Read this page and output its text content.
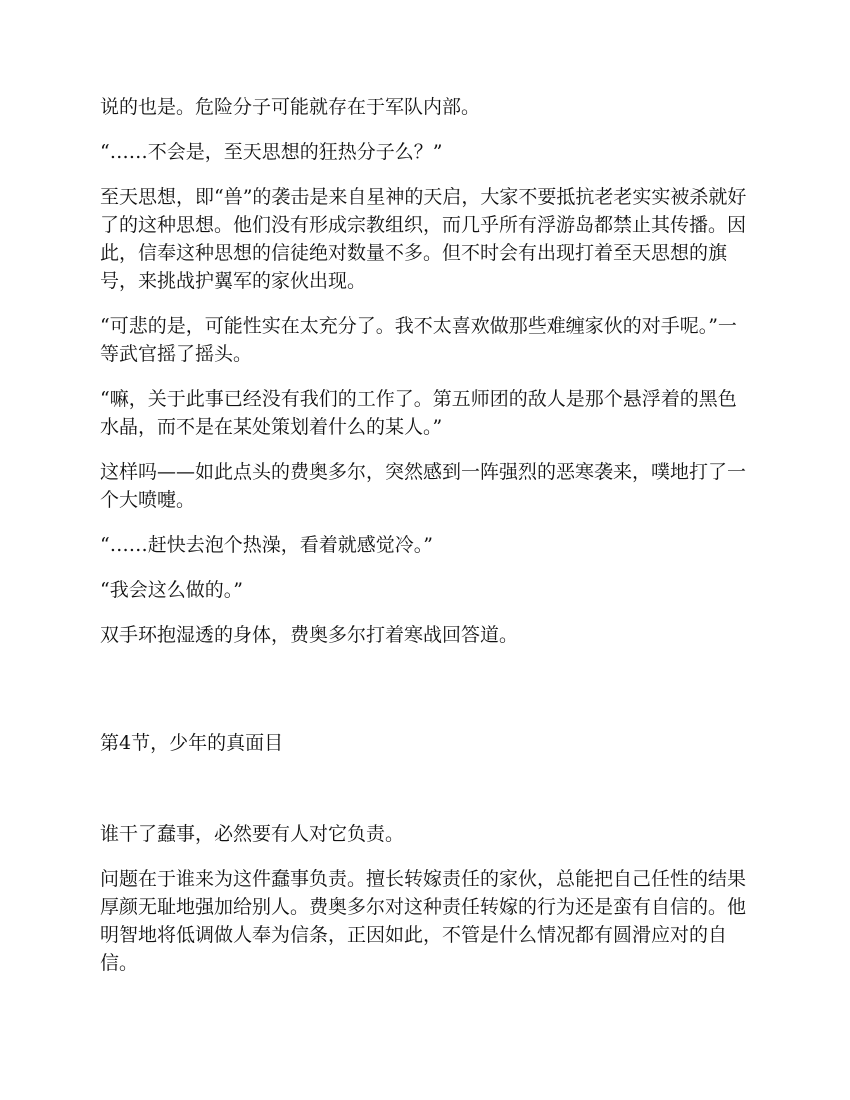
说的也是。危险分子可能就存在于军队内部。

“……不会是，至天思想的狂热分子么？”

至天思想，即“兽”的袭击是来自星神的天启，大家不要抵抗老老实实被杀就好了的这种思想。他们没有形成宗教组织，而几乎所有浮游岛都禁止其传播。因此，信奉这种思想的信徒绝对数量不多。但不时会有出现打着至天思想的旗号，来挑战护翼军的家伙出现。

“可悲的是，可能性实在太充分了。我不太喜欢做那些难缠家伙的对手呢。”一等武官摇了摇头。

“嘛，关于此事已经没有我们的工作了。第五师团的敌人是那个悬浮着的黑色水晶，而不是在某处策划着什么的某人。”

这样吗——如此点头的费奥多尔，突然感到一阵强烈的恶寒袭来，噗地打了一个大喷嚏。

“……赶快去泡个热澡，看着就感觉冷。”

“我会这么做的。”

双手环抱湿透的身体，费奥多尔打着寒战回答道。

第4节，少年的真面目

谁干了蠢事，必然要有人对它负责。

问题在于谁来为这件蠢事负责。擅长转嫁责任的家伙，总能把自己任性的结果厚颜无耻地强加给别人。费奥多尔对这种责任转嫁的行为还是蛮有自信的。他明智地将低调做人奉为信条，正因如此，不管是什么情况都有圆滑应对的自信。
